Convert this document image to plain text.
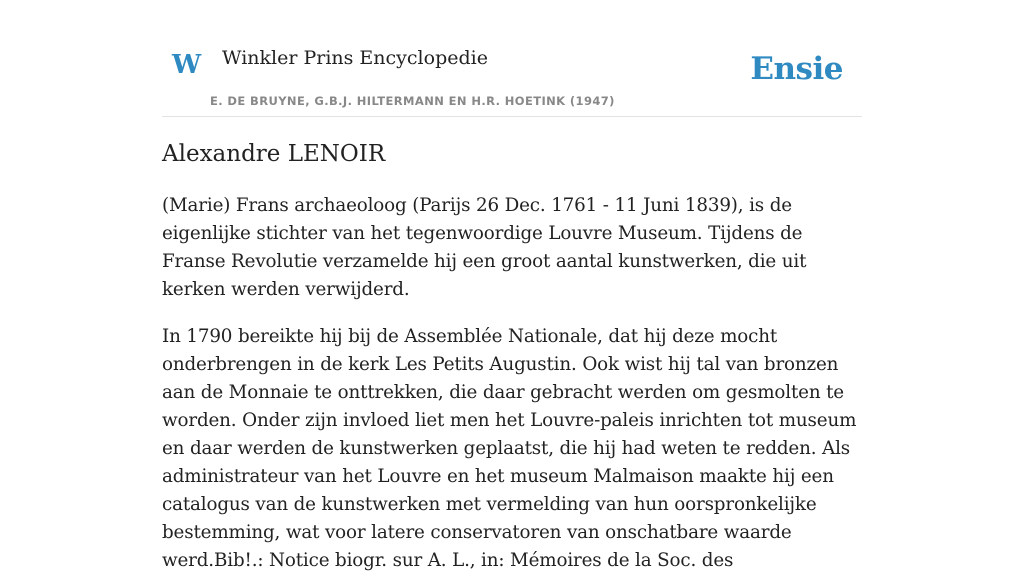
W Winkler Prins Encyclopedie
E. DE BRUYNE, G.B.J. HILTERMANN EN H.R. HOETINK (1947)
Ensie
Alexandre LENOIR

(Marie) Frans archaeoloog (Parijs 26 Dec. 1761 - 11 Juni 1839), is de eigenlijke stichter van het tegenwoordige Louvre Museum. Tijdens de Franse Revolutie verzamelde hij een groot aantal kunstwerken, die uit kerken werden verwijderd.

In 1790 bereikte hij bij de Assemblée Nationale, dat hij deze mocht onderbrengen in de kerk Les Petits Augustin. Ook wist hij tal van bronzen aan de Monnaie te onttrekken, die daar gebracht werden om gesmolten te worden. Onder zijn invloed liet men het Louvre-paleis inrichten tot museum en daar werden de kunstwerken geplaatst, die hij had weten te redden. Als administrateur van het Louvre en het museum Malmaison maakte hij een catalogus van de kunstwerken met vermelding van hun oorspronkelijke bestemming, wat voor latere conservatoren van onschatbare waarde werd.Bib!.: Notice biogr. sur A. L., in: Mémoires de la Soc. des
